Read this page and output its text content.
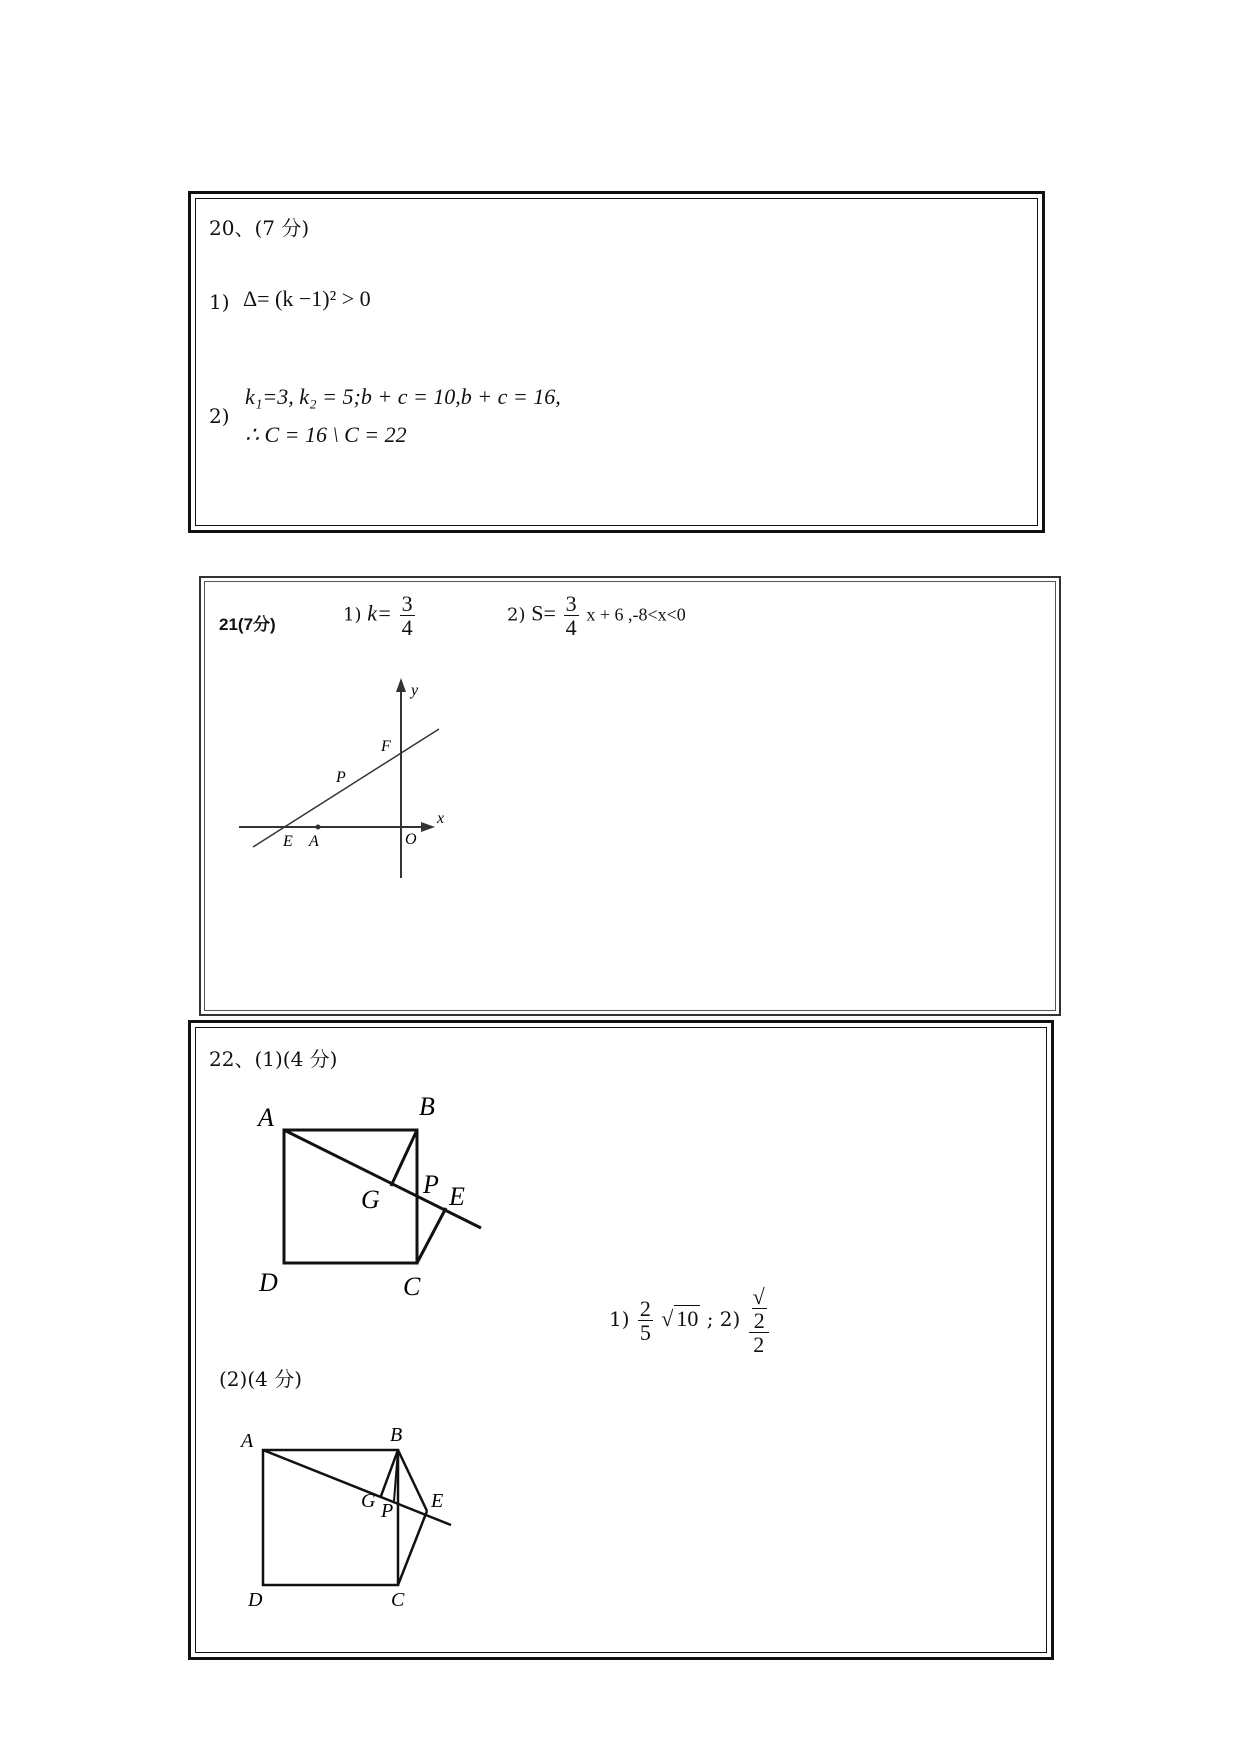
20、(7 分)
1) Δ= (k −1)² > 0
2)
k₁=3, k₂ = 5;b + c = 10,b + c = 16,
∴ C = 16 \ C = 22
21(7分)	1) $k= \frac{3}{4}$	2) $S= \frac{3}{4}$ x + 6 ,-8<x<0
y
x
F
P
E A	O
22、(1)(4 分)
(2)(4 分)
$1) \frac{2}{5}$ √ 10 ; 2) √
2
2
A	B
G
P E
D	C
A	B
G P E
D	C
